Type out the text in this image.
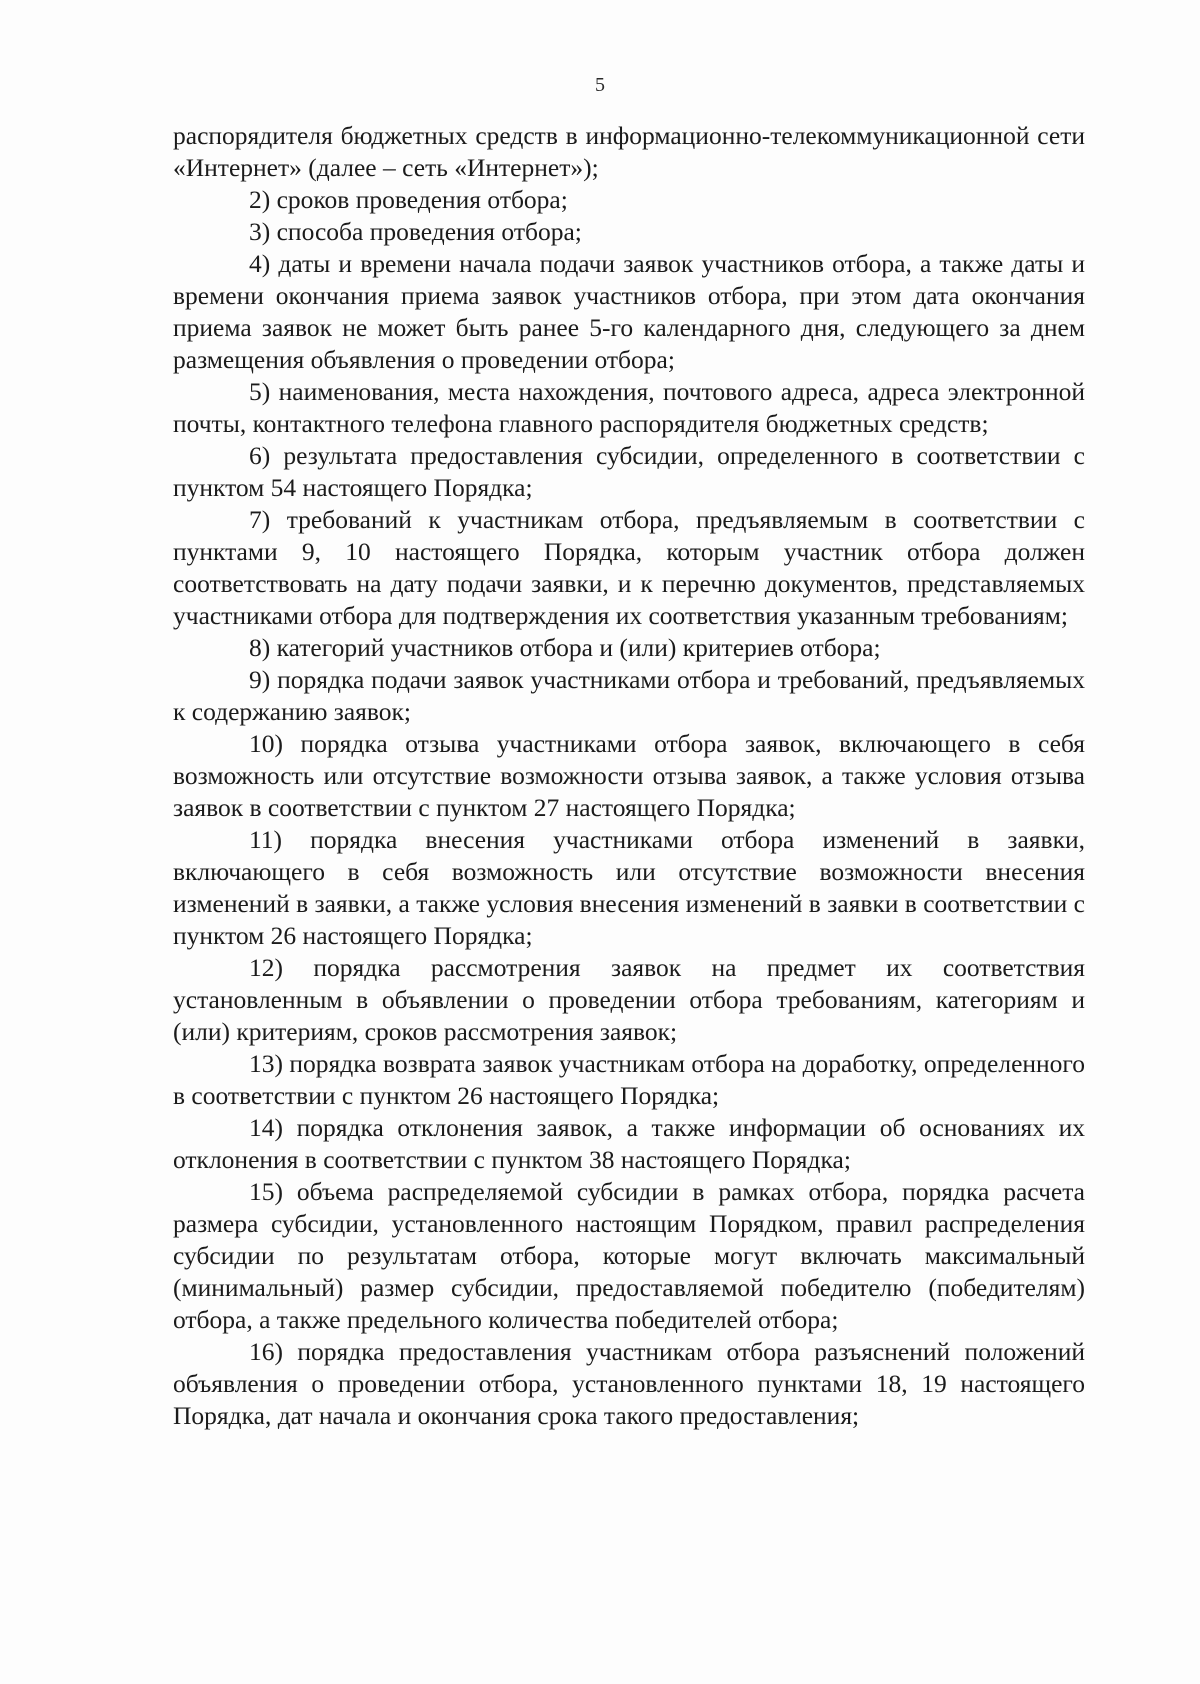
5

распорядителя бюджетных средств в информационно-телекоммуникационной сети «Интернет» (далее – сеть «Интернет»);

2) сроков проведения отбора;

3) способа проведения отбора;

4) даты и времени начала подачи заявок участников отбора, а также даты и времени окончания приема заявок участников отбора, при этом дата окончания приема заявок не может быть ранее 5-го календарного дня, следующего за днем размещения объявления о проведении отбора;

5) наименования, места нахождения, почтового адреса, адреса электронной почты, контактного телефона главного распорядителя бюджетных средств;

6) результата предоставления субсидии, определенного в соответствии с пунктом 54 настоящего Порядка;

7) требований к участникам отбора, предъявляемым в соответствии с пунктами 9, 10 настоящего Порядка, которым участник отбора должен соответствовать на дату подачи заявки, и к перечню документов, представляемых участниками отбора для подтверждения их соответствия указанным требованиям;

8) категорий участников отбора и (или) критериев отбора;

9) порядка подачи заявок участниками отбора и требований, предъявляемых к содержанию заявок;

10) порядка отзыва участниками отбора заявок, включающего в себя возможность или отсутствие возможности отзыва заявок, а также условия отзыва заявок в соответствии с пунктом 27 настоящего Порядка;

11) порядка внесения участниками отбора изменений в заявки, включающего в себя возможность или отсутствие возможности внесения изменений в заявки, а также условия внесения изменений в заявки в соответствии с пунктом 26 настоящего Порядка;

12) порядка рассмотрения заявок на предмет их соответствия установленным в объявлении о проведении отбора требованиям, категориям и (или) критериям, сроков рассмотрения заявок;

13) порядка возврата заявок участникам отбора на доработку, определенного в соответствии с пунктом 26 настоящего Порядка;

14) порядка отклонения заявок, а также информации об основаниях их отклонения в соответствии с пунктом 38 настоящего Порядка;

15) объема распределяемой субсидии в рамках отбора, порядка расчета размера субсидии, установленного настоящим Порядком, правил распределения субсидии по результатам отбора, которые могут включать максимальный (минимальный) размер субсидии, предоставляемой победителю (победителям) отбора, а также предельного количества победителей отбора;

16) порядка предоставления участникам отбора разъяснений положений объявления о проведении отбора, установленного пунктами 18, 19 настоящего Порядка, дат начала и окончания срока такого предоставления;
